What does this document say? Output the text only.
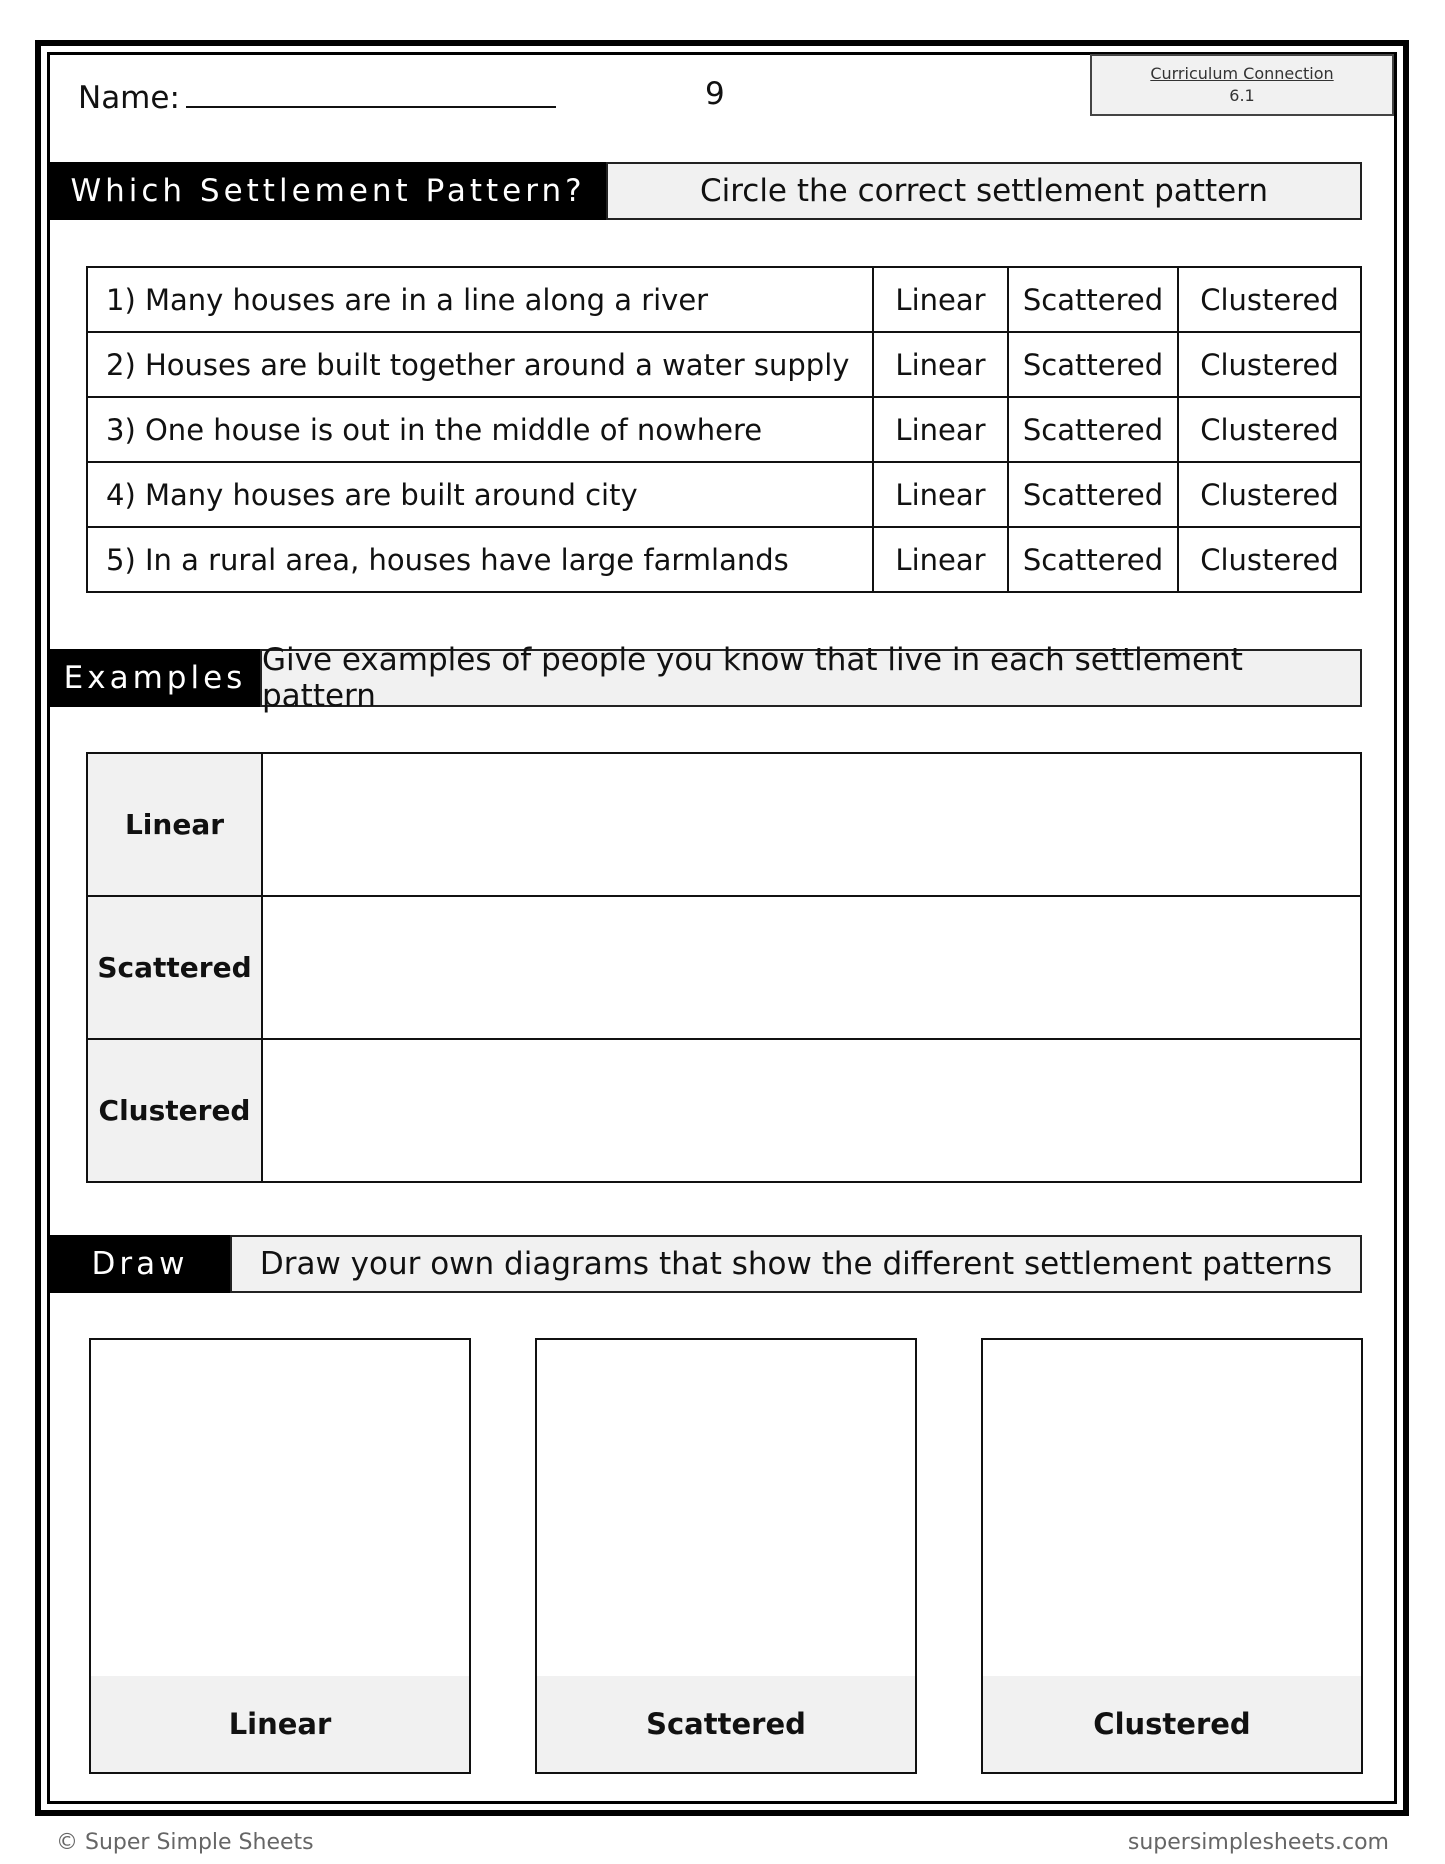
Name:	9
Curriculum Connection
6.1
Which Settlement Pattern?	Circle the correct settlement pattern
1) Many houses are in a line along a river	Linear	Scattered	Clustered
2) Houses are built together around a water supply	Linear	Scattered	Clustered
3) One house is out in the middle of nowhere	Linear	Scattered	Clustered
4) Many houses are built around city	Linear	Scattered	Clustered
5) In a rural area, houses have large farmlands	Linear	Scattered	Clustered
Examples Give examples of people you know that live in each settlement pattern
Linear	
Scattered	
Clustered	
Draw	Draw your own diagrams that show the different settlement patterns
Linear	Scattered	Clustered
© Super Simple Sheets	supersimplesheets.com
